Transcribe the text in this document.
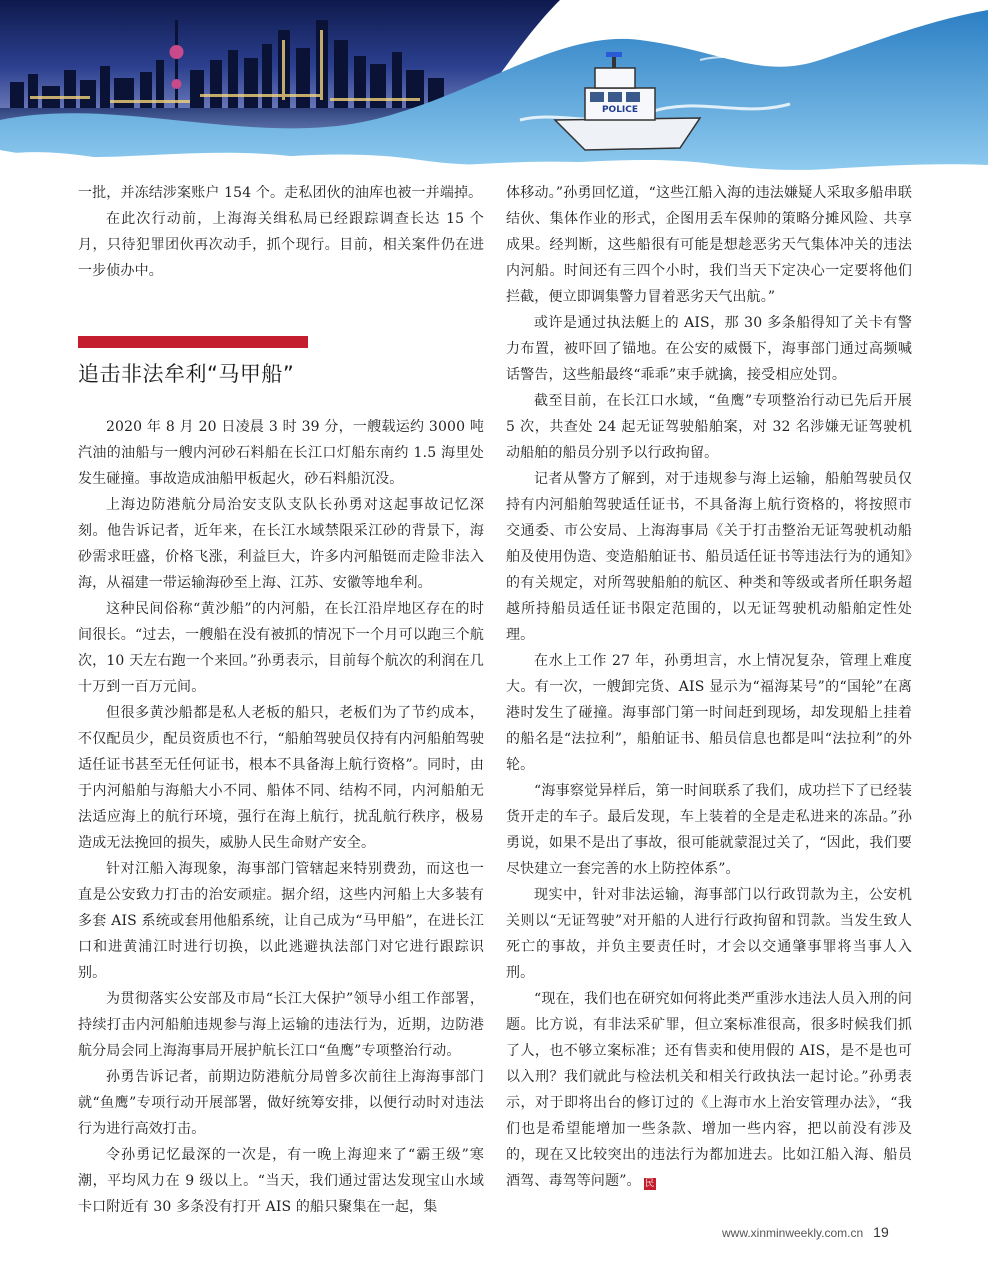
POLICE

一批，并冻结涉案账户 154 个。走私团伙的油库也被一并端掉。

在此次行动前，上海海关缉私局已经跟踪调查长达 15 个月，只待犯罪团伙再次动手，抓个现行。目前，相关案件仍在进一步侦办中。

追击非法牟利“马甲船”

2020 年 8 月 20 日凌晨 3 时 39 分，一艘载运约 3000 吨汽油的油船与一艘内河砂石料船在长江口灯船东南约 1.5 海里处发生碰撞。事故造成油船甲板起火，砂石料船沉没。

上海边防港航分局治安支队支队长孙勇对这起事故记忆深刻。他告诉记者，近年来，在长江水域禁限采江砂的背景下，海砂需求旺盛，价格飞涨，利益巨大，许多内河船铤而走险非法入海，从福建一带运输海砂至上海、江苏、安徽等地牟利。

这种民间俗称“黄沙船”的内河船，在长江沿岸地区存在的时间很长。“过去，一艘船在没有被抓的情况下一个月可以跑三个航次，10 天左右跑一个来回。”孙勇表示，目前每个航次的利润在几十万到一百万元间。

但很多黄沙船都是私人老板的船只，老板们为了节约成本，不仅配员少，配员资质也不行，“船舶驾驶员仅持有内河船舶驾驶适任证书甚至无任何证书，根本不具备海上航行资格”。同时，由于内河船舶与海船大小不同、船体不同、结构不同，内河船舶无法适应海上的航行环境，强行在海上航行，扰乱航行秩序，极易造成无法挽回的损失，威胁人民生命财产安全。

针对江船入海现象，海事部门管辖起来特别费劲，而这也一直是公安致力打击的治安顽症。据介绍，这些内河船上大多装有多套 AIS 系统或套用他船系统，让自己成为“马甲船”，在进长江口和进黄浦江时进行切换，以此逃避执法部门对它进行跟踪识别。

为贯彻落实公安部及市局“长江大保护”领导小组工作部署，持续打击内河船舶违规参与海上运输的违法行为，近期，边防港航分局会同上海海事局开展护航长江口“鱼鹰”专项整治行动。

孙勇告诉记者，前期边防港航分局曾多次前往上海海事部门就“鱼鹰”专项行动开展部署，做好统筹安排，以便行动时对违法行为进行高效打击。

令孙勇记忆最深的一次是，有一晚上海迎来了“霸王级”寒潮，平均风力在 9 级以上。“当天，我们通过雷达发现宝山水域卡口附近有 30 多条没有打开 AIS 的船只聚集在一起，集

体移动。”孙勇回忆道，“这些江船入海的违法嫌疑人采取多船串联结伙、集体作业的形式，企图用丢车保帅的策略分摊风险、共享成果。经判断，这些船很有可能是想趁恶劣天气集体冲关的违法内河船。时间还有三四个小时，我们当天下定决心一定要将他们拦截，便立即调集警力冒着恶劣天气出航。”

或许是通过执法艇上的 AIS，那 30 多条船得知了关卡有警力布置，被吓回了锚地。在公安的威慑下，海事部门通过高频喊话警告，这些船最终“乖乖”束手就擒，接受相应处罚。

截至目前，在长江口水域，“鱼鹰”专项整治行动已先后开展 5 次，共查处 24 起无证驾驶船舶案，对 32 名涉嫌无证驾驶机动船舶的船员分别予以行政拘留。

记者从警方了解到，对于违规参与海上运输，船舶驾驶员仅持有内河船舶驾驶适任证书，不具备海上航行资格的，将按照市交通委、市公安局、上海海事局《关于打击整治无证驾驶机动船舶及使用伪造、变造船舶证书、船员适任证书等违法行为的通知》的有关规定，对所驾驶船舶的航区、种类和等级或者所任职务超越所持船员适任证书限定范围的，以无证驾驶机动船舶定性处理。

在水上工作 27 年，孙勇坦言，水上情况复杂，管理上难度大。有一次，一艘卸完货、AIS 显示为“福海某号”的“国轮”在离港时发生了碰撞。海事部门第一时间赶到现场，却发现船上挂着的船名是“法拉利”，船舶证书、船员信息也都是叫“法拉利”的外轮。

“海事察觉异样后，第一时间联系了我们，成功拦下了已经装货开走的车子。最后发现，车上装着的全是走私进来的冻品。”孙勇说，如果不是出了事故，很可能就蒙混过关了，“因此，我们要尽快建立一套完善的水上防控体系”。

现实中，针对非法运输，海事部门以行政罚款为主，公安机关则以“无证驾驶”对开船的人进行行政拘留和罚款。当发生致人死亡的事故，并负主要责任时，才会以交通肇事罪将当事人入刑。

“现在，我们也在研究如何将此类严重涉水违法人员入刑的问题。比方说，有非法采矿罪，但立案标准很高，很多时候我们抓了人，也不够立案标准；还有售卖和使用假的 AIS，是不是也可以入刑？我们就此与检法机关和相关行政执法一起讨论。”孙勇表示，对于即将出台的修订过的《上海市水上治安管理办法》，“我们也是希望能增加一些条款、增加一些内容，把以前没有涉及的，现在又比较突出的违法行为都加进去。比如江船入海、船员酒驾、毒驾等问题”。 民

www.xinminweekly.com.cn 19
